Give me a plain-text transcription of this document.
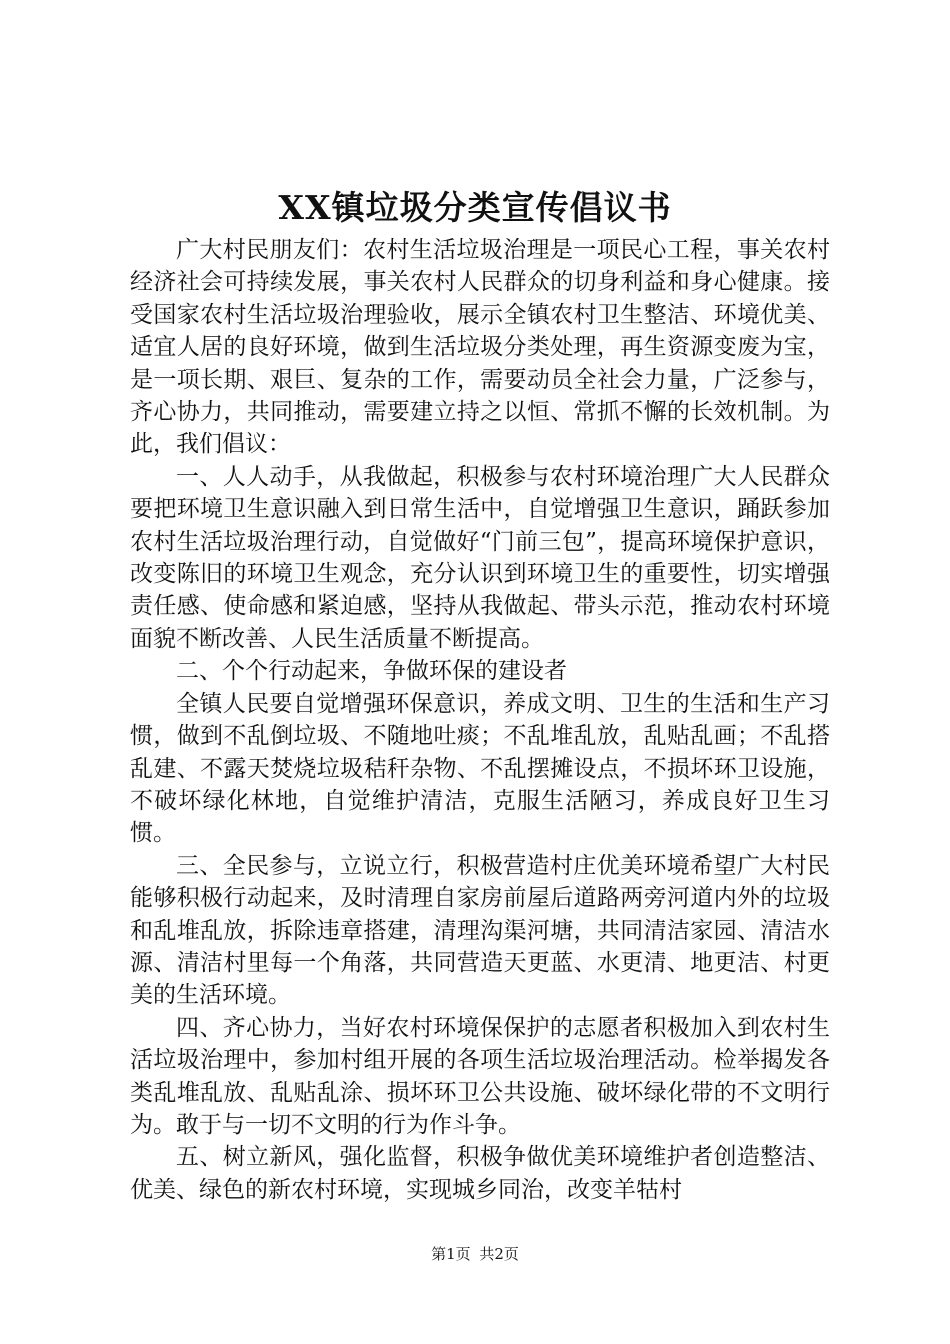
XX镇垃圾分类宣传倡议书

广大村民朋友们：农村生活垃圾治理是一项民心工程，事关农村经济社会可持续发展，事关农村人民群众的切身利益和身心健康。接受国家农村生活垃圾治理验收，展示全镇农村卫生整洁、环境优美、适宜人居的良好环境，做到生活垃圾分类处理，再生资源变废为宝，是一项长期、艰巨、复杂的工作，需要动员全社会力量，广泛参与，齐心协力，共同推动，需要建立持之以恒、常抓不懈的长效机制。为此，我们倡议：

一、人人动手，从我做起，积极参与农村环境治理广大人民群众要把环境卫生意识融入到日常生活中，自觉增强卫生意识，踊跃参加农村生活垃圾治理行动，自觉做好“门前三包”，提高环境保护意识，改变陈旧的环境卫生观念，充分认识到环境卫生的重要性，切实增强责任感、使命感和紧迫感，坚持从我做起、带头示范，推动农村环境面貌不断改善、人民生活质量不断提高。

二、个个行动起来，争做环保的建设者

全镇人民要自觉增强环保意识，养成文明、卫生的生活和生产习惯，做到不乱倒垃圾、不随地吐痰；不乱堆乱放，乱贴乱画；不乱搭乱建、不露天焚烧垃圾秸秆杂物、不乱摆摊设点，不损坏环卫设施，不破坏绿化林地，自觉维护清洁，克服生活陋习，养成良好卫生习惯。

三、全民参与，立说立行，积极营造村庄优美环境希望广大村民能够积极行动起来，及时清理自家房前屋后道路两旁河道内外的垃圾和乱堆乱放，拆除违章搭建，清理沟渠河塘，共同清洁家园、清洁水源、清洁村里每一个角落，共同营造天更蓝、水更清、地更洁、村更美的生活环境。

四、齐心协力，当好农村环境保保护的志愿者积极加入到农村生活垃圾治理中，参加村组开展的各项生活垃圾治理活动。检举揭发各类乱堆乱放、乱贴乱涂、损坏环卫公共设施、破坏绿化带的不文明行为。敢于与一切不文明的行为作斗争。

五、树立新风，强化监督，积极争做优美环境维护者创造整洁、优美、绿色的新农村环境，实现城乡同治，改变羊牯村

第1页 共2页
